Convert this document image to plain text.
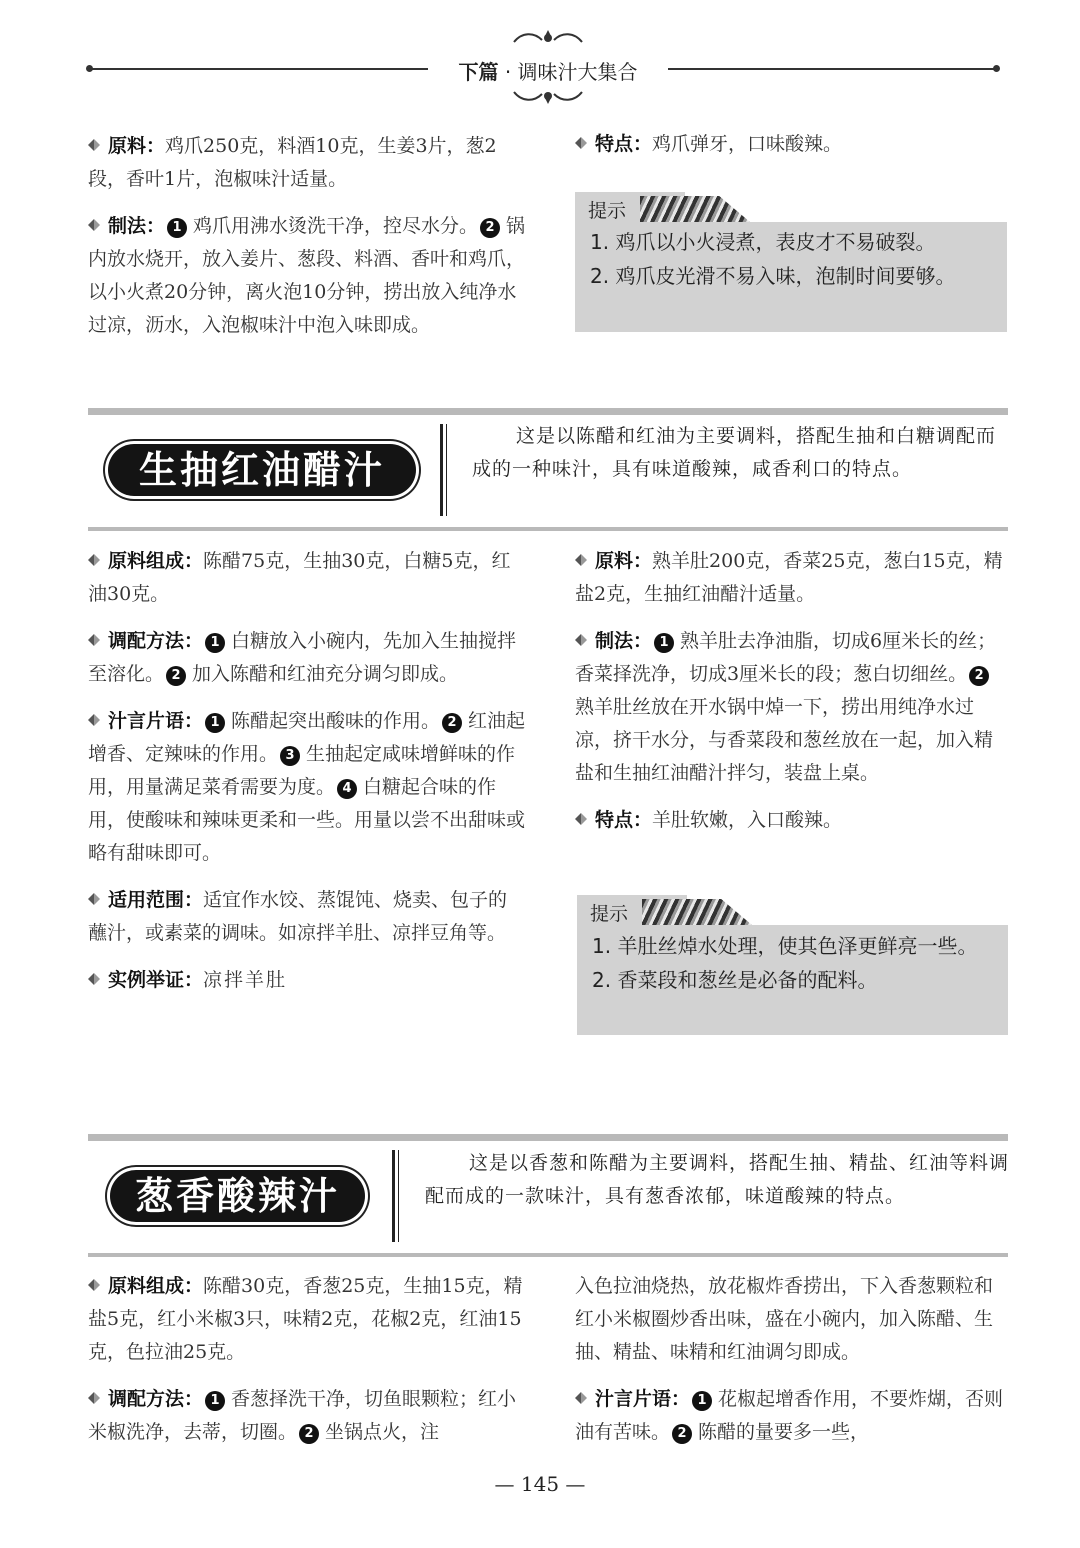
下篇 · 调味汁大集合
原料：鸡爪250克，料酒10克，生姜3片，葱2段，香叶1片，泡椒味汁适量。
制法： 1 鸡爪用沸水烫洗干净，控尽水分。 2 锅内放水烧开，放入姜片、葱段、料酒、香叶和鸡爪，以小火煮20分钟，离火泡10分钟，捞出放入纯净水过凉，沥水，入泡椒味汁中泡入味即成。
特点：鸡爪弹牙，口味酸辣。
提示
1. 鸡爪以小火浸煮，表皮才不易破裂。
2. 鸡爪皮光滑不易入味，泡制时间要够。
生抽红油醋汁
这是以陈醋和红油为主要调料，搭配生抽和白糖调配而成的一种味汁，具有味道酸辣，咸香利口的特点。
原料组成：陈醋75克，生抽30克，白糖5克，红油30克。
调配方法： 1 白糖放入小碗内，先加入生抽搅拌至溶化。 2 加入陈醋和红油充分调匀即成。
汁言片语： 1 陈醋起突出酸味的作用。 2 红油起增香、定辣味的作用。 3 生抽起定咸味增鲜味的作用，用量满足菜肴需要为度。 4 白糖起合味的作用，使酸味和辣味更柔和一些。用量以尝不出甜味或略有甜味即可。
适用范围：适宜作水饺、蒸馄饨、烧卖、包子的蘸汁，或素菜的调味。如凉拌羊肚、凉拌豆角等。
实例举证：凉拌羊肚
原料：熟羊肚200克，香菜25克，葱白15克，精盐2克，生抽红油醋汁适量。
制法： 1 熟羊肚去净油脂，切成6厘米长的丝；香菜择洗净，切成3厘米长的段；葱白切细丝。 2熟羊肚丝放在开水锅中焯一下，捞出用纯净水过凉，挤干水分，与香菜段和葱丝放在一起，加入精盐和生抽红油醋汁拌匀，装盘上桌。
特点：羊肚软嫩，入口酸辣。
提示
1. 羊肚丝焯水处理，使其色泽更鲜亮一些。
2. 香菜段和葱丝是必备的配料。
葱香酸辣汁
这是以香葱和陈醋为主要调料，搭配生抽、精盐、红油等料调配而成的一款味汁，具有葱香浓郁，味道酸辣的特点。
原料组成：陈醋30克，香葱25克，生抽15克，精盐5克，红小米椒3只，味精2克，花椒2克，红油15克，色拉油25克。
调配方法： 1 香葱择洗干净，切鱼眼颗粒；红小米椒洗净，去蒂，切圈。 2 坐锅点火，注
入色拉油烧热，放花椒炸香捞出，下入香葱颗粒和红小米椒圈炒香出味，盛在小碗内，加入陈醋、生抽、精盐、味精和红油调匀即成。
汁言片语： 1 花椒起增香作用，不要炸煳，否则油有苦味。 2 陈醋的量要多一些，
— 145 —
